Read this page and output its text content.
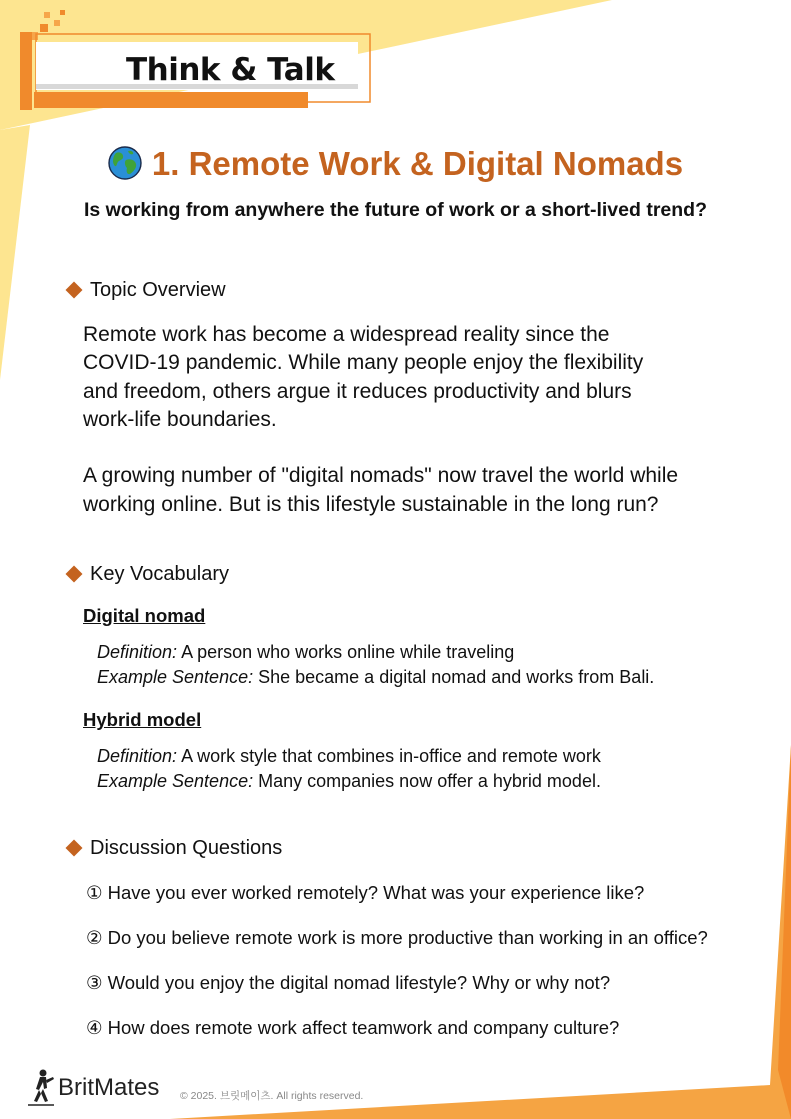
Think & Talk
1. Remote Work & Digital Nomads
Is working from anywhere the future of work or a short-lived trend?
Topic Overview

Remote work has become a widespread reality since the

COVID-19 pandemic. While many people enjoy the flexibility

and freedom, others argue it reduces productivity and blurs

work-life boundaries.

A growing number of "digital nomads" now travel the world while

working online. But is this lifestyle sustainable in the long run?

Key Vocabulary
Digital nomad
Definition: A person who works online while traveling
Example Sentence: She became a digital nomad and works from Bali.
Hybrid model
Definition: A work style that combines in-office and remote work
Example Sentence: Many companies now offer a hybrid model.
Discussion Questions
① Have you ever worked remotely? What was your experience like?
② Do you believe remote work is more productive than working in an office?
③ Would you enjoy the digital nomad lifestyle? Why or why not?
④ How does remote work affect teamwork and company culture?
BritMates © 2025. 브릿메이츠. All rights reserved.
